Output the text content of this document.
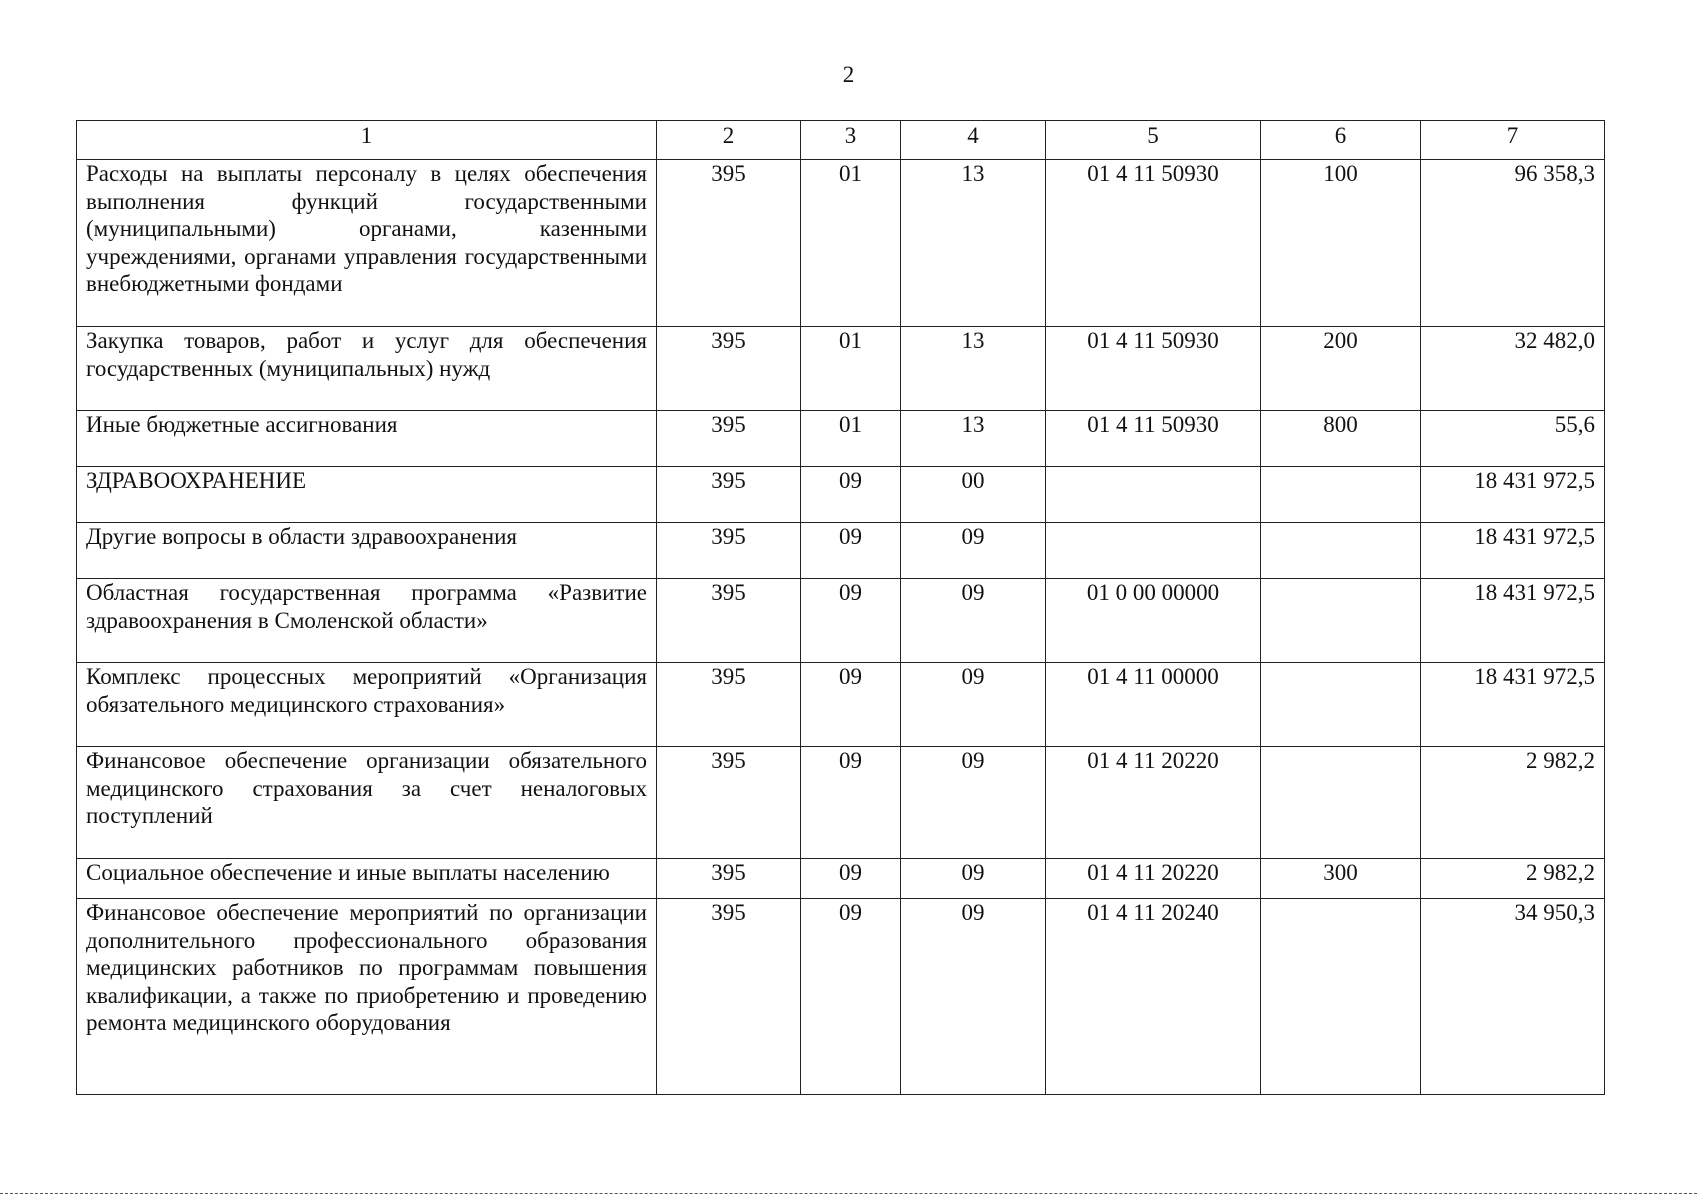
2
1	2	3	4	5	6	7
Расходы на выплаты персоналу в целях обеспечения выполнения функций государственными (муниципальными) органами, казенными учреждениями, органами управления государственными внебюджетными фондами	395	01	13	01 4 11 50930	100	96 358,3
Закупка товаров, работ и услуг для обеспечения государственных (муниципальных) нужд	395	01	13	01 4 11 50930	200	32 482,0
Иные бюджетные ассигнования	395	01	13	01 4 11 50930	800	55,6
ЗДРАВООХРАНЕНИЕ	395	09	00			18 431 972,5
Другие вопросы в области здравоохранения	395	09	09			18 431 972,5
Областная государственная программа «Развитие здравоохранения в Смоленской области»	395	09	09	01 0 00 00000		18 431 972,5
Комплекс процессных мероприятий «Организация обязательного медицинского страхования»	395	09	09	01 4 11 00000		18 431 972,5
Финансовое обеспечение организации обязательного медицинского страхования за счет неналоговых поступлений	395	09	09	01 4 11 20220		2 982,2
Социальное обеспечение и иные выплаты населению	395	09	09	01 4 11 20220	300	2 982,2
Финансовое обеспечение мероприятий по организации дополнительного профессионального образования медицинских работников по программам повышения квалификации, а также по приобретению и проведению ремонта медицинского оборудования	395	09	09	01 4 11 20240		34 950,3
